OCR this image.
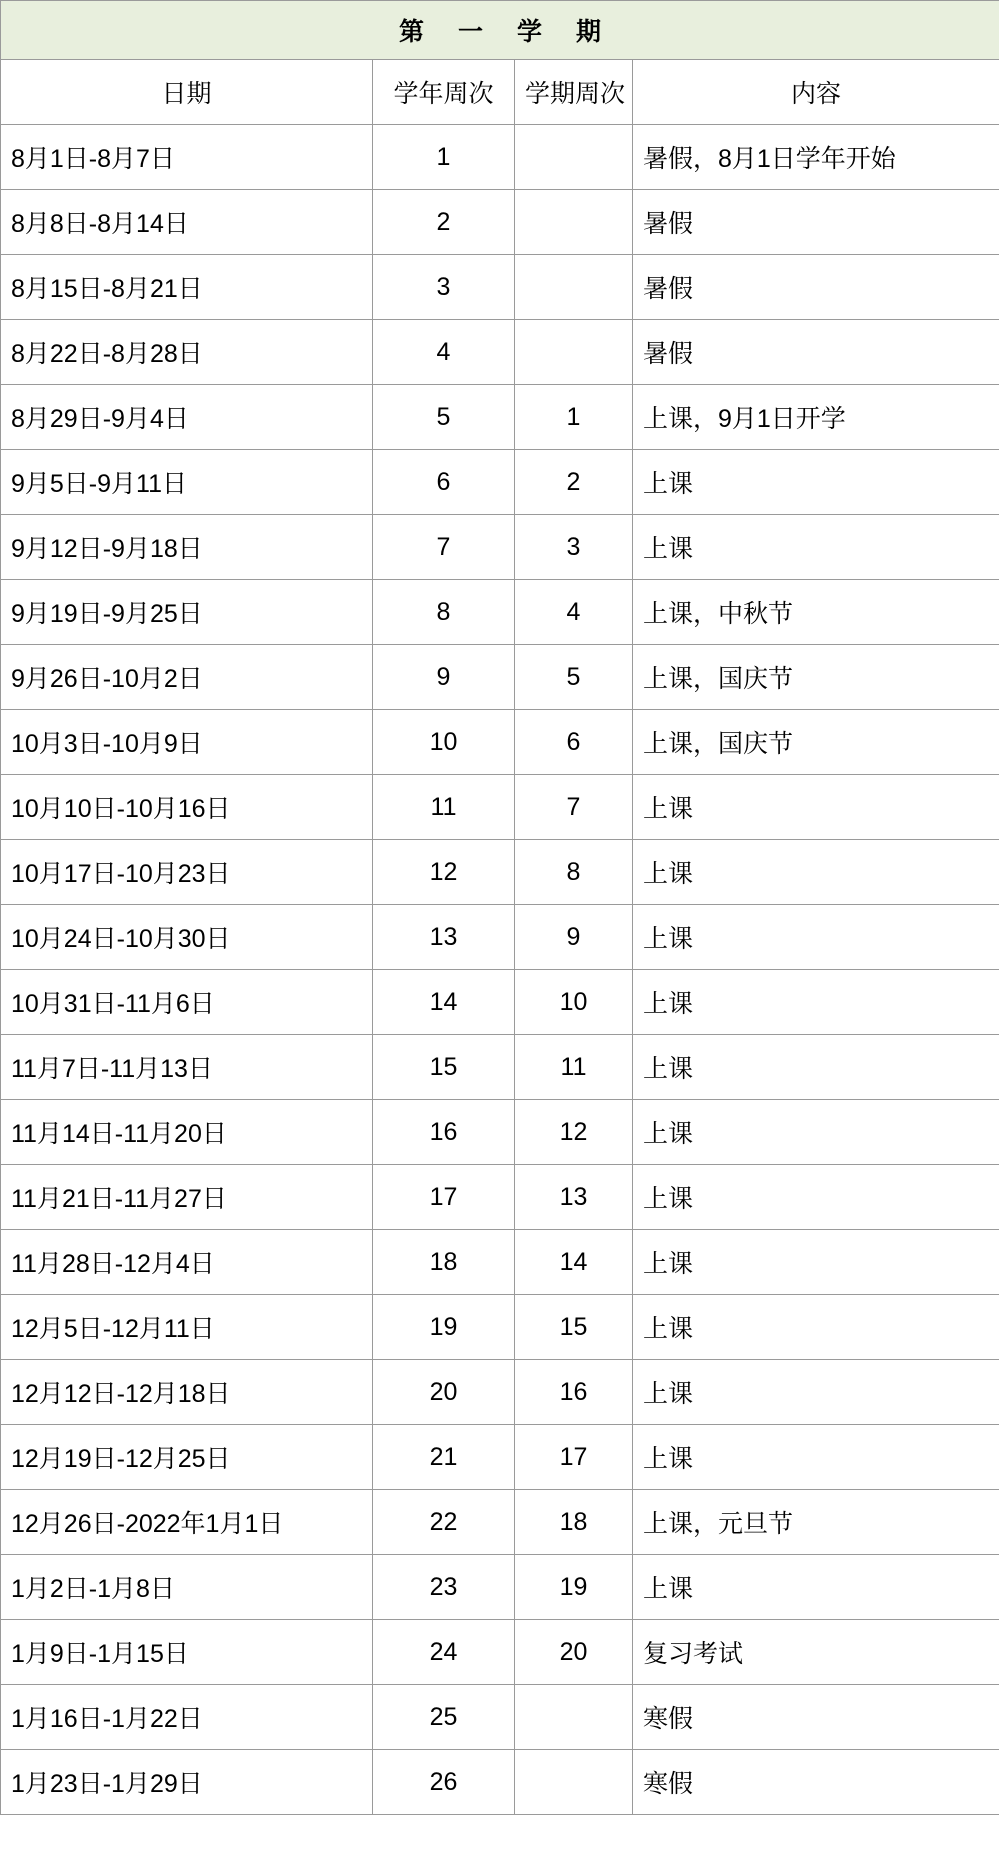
第一学期			
日期	学年周次	学期周次	内容
8月1日-8月7日	1		暑假，8月1日学年开始
8月8日-8月14日	2		暑假
8月15日-8月21日	3		暑假
8月22日-8月28日	4		暑假
8月29日-9月4日	5	1	上课，9月1日开学
9月5日-9月11日	6	2	上课
9月12日-9月18日	7	3	上课
9月19日-9月25日	8	4	上课，中秋节
9月26日-10月2日	9	5	上课，国庆节
10月3日-10月9日	10	6	上课，国庆节
10月10日-10月16日	11	7	上课
10月17日-10月23日	12	8	上课
10月24日-10月30日	13	9	上课
10月31日-11月6日	14	10	上课
11月7日-11月13日	15	11	上课
11月14日-11月20日	16	12	上课
11月21日-11月27日	17	13	上课
11月28日-12月4日	18	14	上课
12月5日-12月11日	19	15	上课
12月12日-12月18日	20	16	上课
12月19日-12月25日	21	17	上课
12月26日-2022年1月1日	22	18	上课，元旦节
1月2日-1月8日	23	19	上课
1月9日-1月15日	24	20	复习考试
1月16日-1月22日	25		寒假
1月23日-1月29日	26		寒假
